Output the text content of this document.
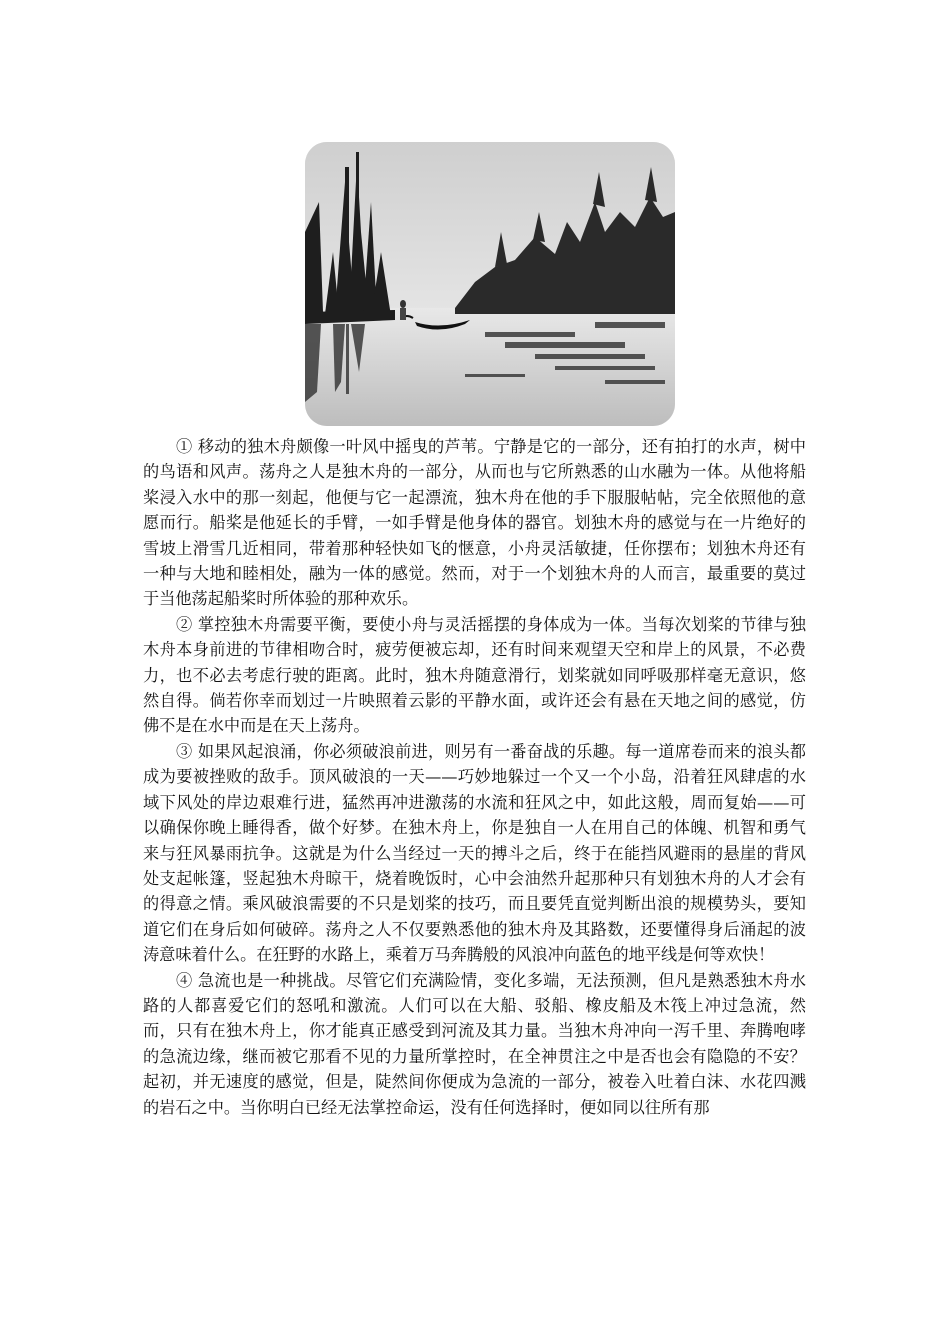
① 移动的独木舟颇像一叶风中摇曳的芦苇。宁静是它的一部分，还有拍打的水声，树中的鸟语和风声。荡舟之人是独木舟的一部分，从而也与它所熟悉的山水融为一体。从他将船桨浸入水中的那一刻起，他便与它一起漂流，独木舟在他的手下服服帖帖，完全依照他的意愿而行。船桨是他延长的手臂，一如手臂是他身体的器官。划独木舟的感觉与在一片绝好的雪坡上滑雪几近相同，带着那种轻快如飞的惬意，小舟灵活敏捷，任你摆布；划独木舟还有一种与大地和睦相处，融为一体的感觉。然而，对于一个划独木舟的人而言，最重要的莫过于当他荡起船桨时所体验的那种欢乐。

② 掌控独木舟需要平衡，要使小舟与灵活摇摆的身体成为一体。当每次划桨的节律与独木舟本身前进的节律相吻合时，疲劳便被忘却，还有时间来观望天空和岸上的风景，不必费力，也不必去考虑行驶的距离。此时，独木舟随意滑行，划桨就如同呼吸那样毫无意识，悠然自得。倘若你幸而划过一片映照着云影的平静水面，或许还会有悬在天地之间的感觉，仿佛不是在水中而是在天上荡舟。

③ 如果风起浪涌，你必须破浪前进，则另有一番奋战的乐趣。每一道席卷而来的浪头都成为要被挫败的敌手。顶风破浪的一天——巧妙地躲过一个又一个小岛，沿着狂风肆虐的水域下风处的岸边艰难行进，猛然再冲进激荡的水流和狂风之中，如此这般，周而复始——可以确保你晚上睡得香，做个好梦。在独木舟上，你是独自一人在用自己的体魄、机智和勇气来与狂风暴雨抗争。这就是为什么当经过一天的搏斗之后，终于在能挡风避雨的悬崖的背风处支起帐篷，竖起独木舟晾干，烧着晚饭时，心中会油然升起那种只有划独木舟的人才会有的得意之情。乘风破浪需要的不只是划桨的技巧，而且要凭直觉判断出浪的规模势头，要知道它们在身后如何破碎。荡舟之人不仅要熟悉他的独木舟及其路数，还要懂得身后涌起的波涛意味着什么。在狂野的水路上，乘着万马奔腾般的风浪冲向蓝色的地平线是何等欢快！

④ 急流也是一种挑战。尽管它们充满险情，变化多端，无法预测，但凡是熟悉独木舟水路的人都喜爱它们的怒吼和激流。人们可以在大船、驳船、橡皮船及木筏上冲过急流，然而，只有在独木舟上，你才能真正感受到河流及其力量。当独木舟冲向一泻千里、奔腾咆哮的急流边缘，继而被它那看不见的力量所掌控时，在全神贯注之中是否也会有隐隐的不安？起初，并无速度的感觉，但是，陡然间你便成为急流的一部分，被卷入吐着白沫、水花四溅的岩石之中。当你明白已经无法掌控命运，没有任何选择时，便如同以往所有那
